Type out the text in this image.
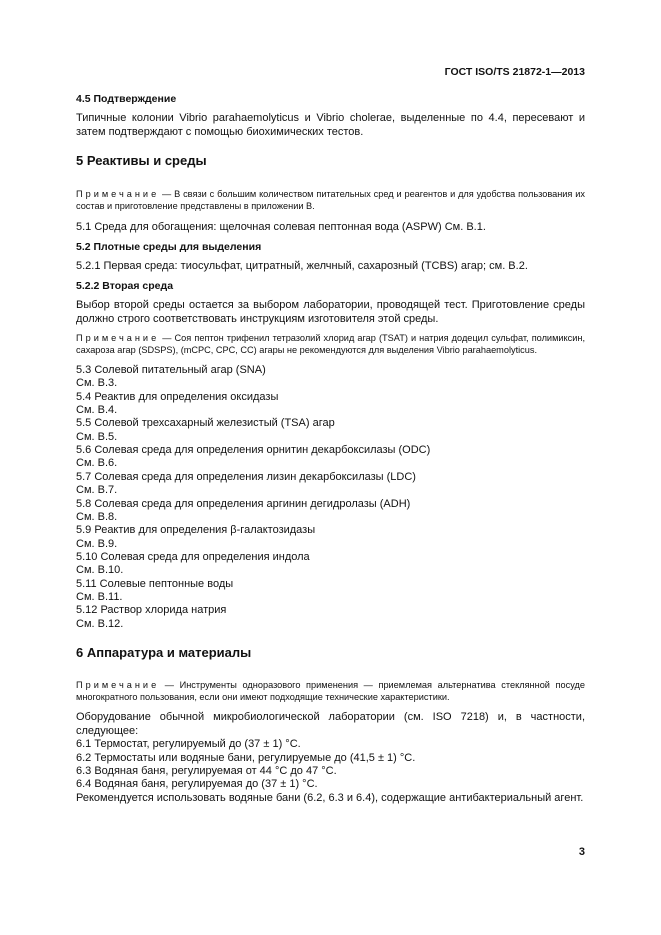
ГОСТ ISO/TS 21872-1—2013

4.5 Подтверждение

Типичные колонии Vibrio parahaemolyticus и Vibrio cholerae, выделенные по 4.4, пересевают и затем подтверждают с помощью биохимических тестов.

5 Реактивы и среды

Примечание — В связи с большим количеством питательных сред и реагентов и для удобства пользования их состав и приготовление представлены в приложении В.

5.1 Среда для обогащения: щелочная солевая пептонная вода (ASPW) См. В.1.

5.2 Плотные среды для выделения

5.2.1 Первая среда: тиосульфат, цитратный, желчный, сахарозный (TCBS) агар; см. В.2.

5.2.2 Вторая среда

Выбор второй среды остается за выбором лаборатории, проводящей тест. Приготовление среды должно строго соответствовать инструкциям изготовителя этой среды.

Примечание — Соя пептон трифенил тетразолий хлорид агар (TSAT) и натрия додецил сульфат, полимиксин, сахароза агар (SDSPS), (mCPC, CPC, CC) агары не рекомендуются для выделения Vibrio parahaemolyticus.

5.3 Солевой питательный агар (SNA)

См. В.3.

5.4 Реактив для определения оксидазы

См. В.4.

5.5 Солевой трехсахарный железистый (TSA) агар

См. В.5.

5.6 Солевая среда для определения орнитин декарбоксилазы (ODC)

См. В.6.

5.7 Солевая среда для определения лизин декарбоксилазы (LDC)

См. В.7.

5.8 Солевая среда для определения аргинин дегидролазы (ADH)

См. В.8.

5.9 Реактив для определения β-галактозидазы

См. В.9.

5.10 Солевая среда для определения индола

См. В.10.

5.11 Солевые пептонные воды

См. В.11.

5.12 Раствор хлорида натрия

См. В.12.

6 Аппаратура и материалы

Примечание — Инструменты одноразового применения — приемлемая альтернатива стеклянной посуде многократного пользования, если они имеют подходящие технические характеристики.

Оборудование обычной микробиологической лаборатории (см. ISO 7218) и, в частности, следующее:

6.1 Термостат, регулируемый до (37 ± 1) °С.

6.2 Термостаты или водяные бани, регулируемые до (41,5 ± 1) °С.

6.3 Водяная баня, регулируемая от 44 °С до 47 °С.

6.4 Водяная баня, регулируемая до (37 ± 1) °С.

Рекомендуется использовать водяные бани (6.2, 6.3 и 6.4), содержащие антибактериальный агент.

3
